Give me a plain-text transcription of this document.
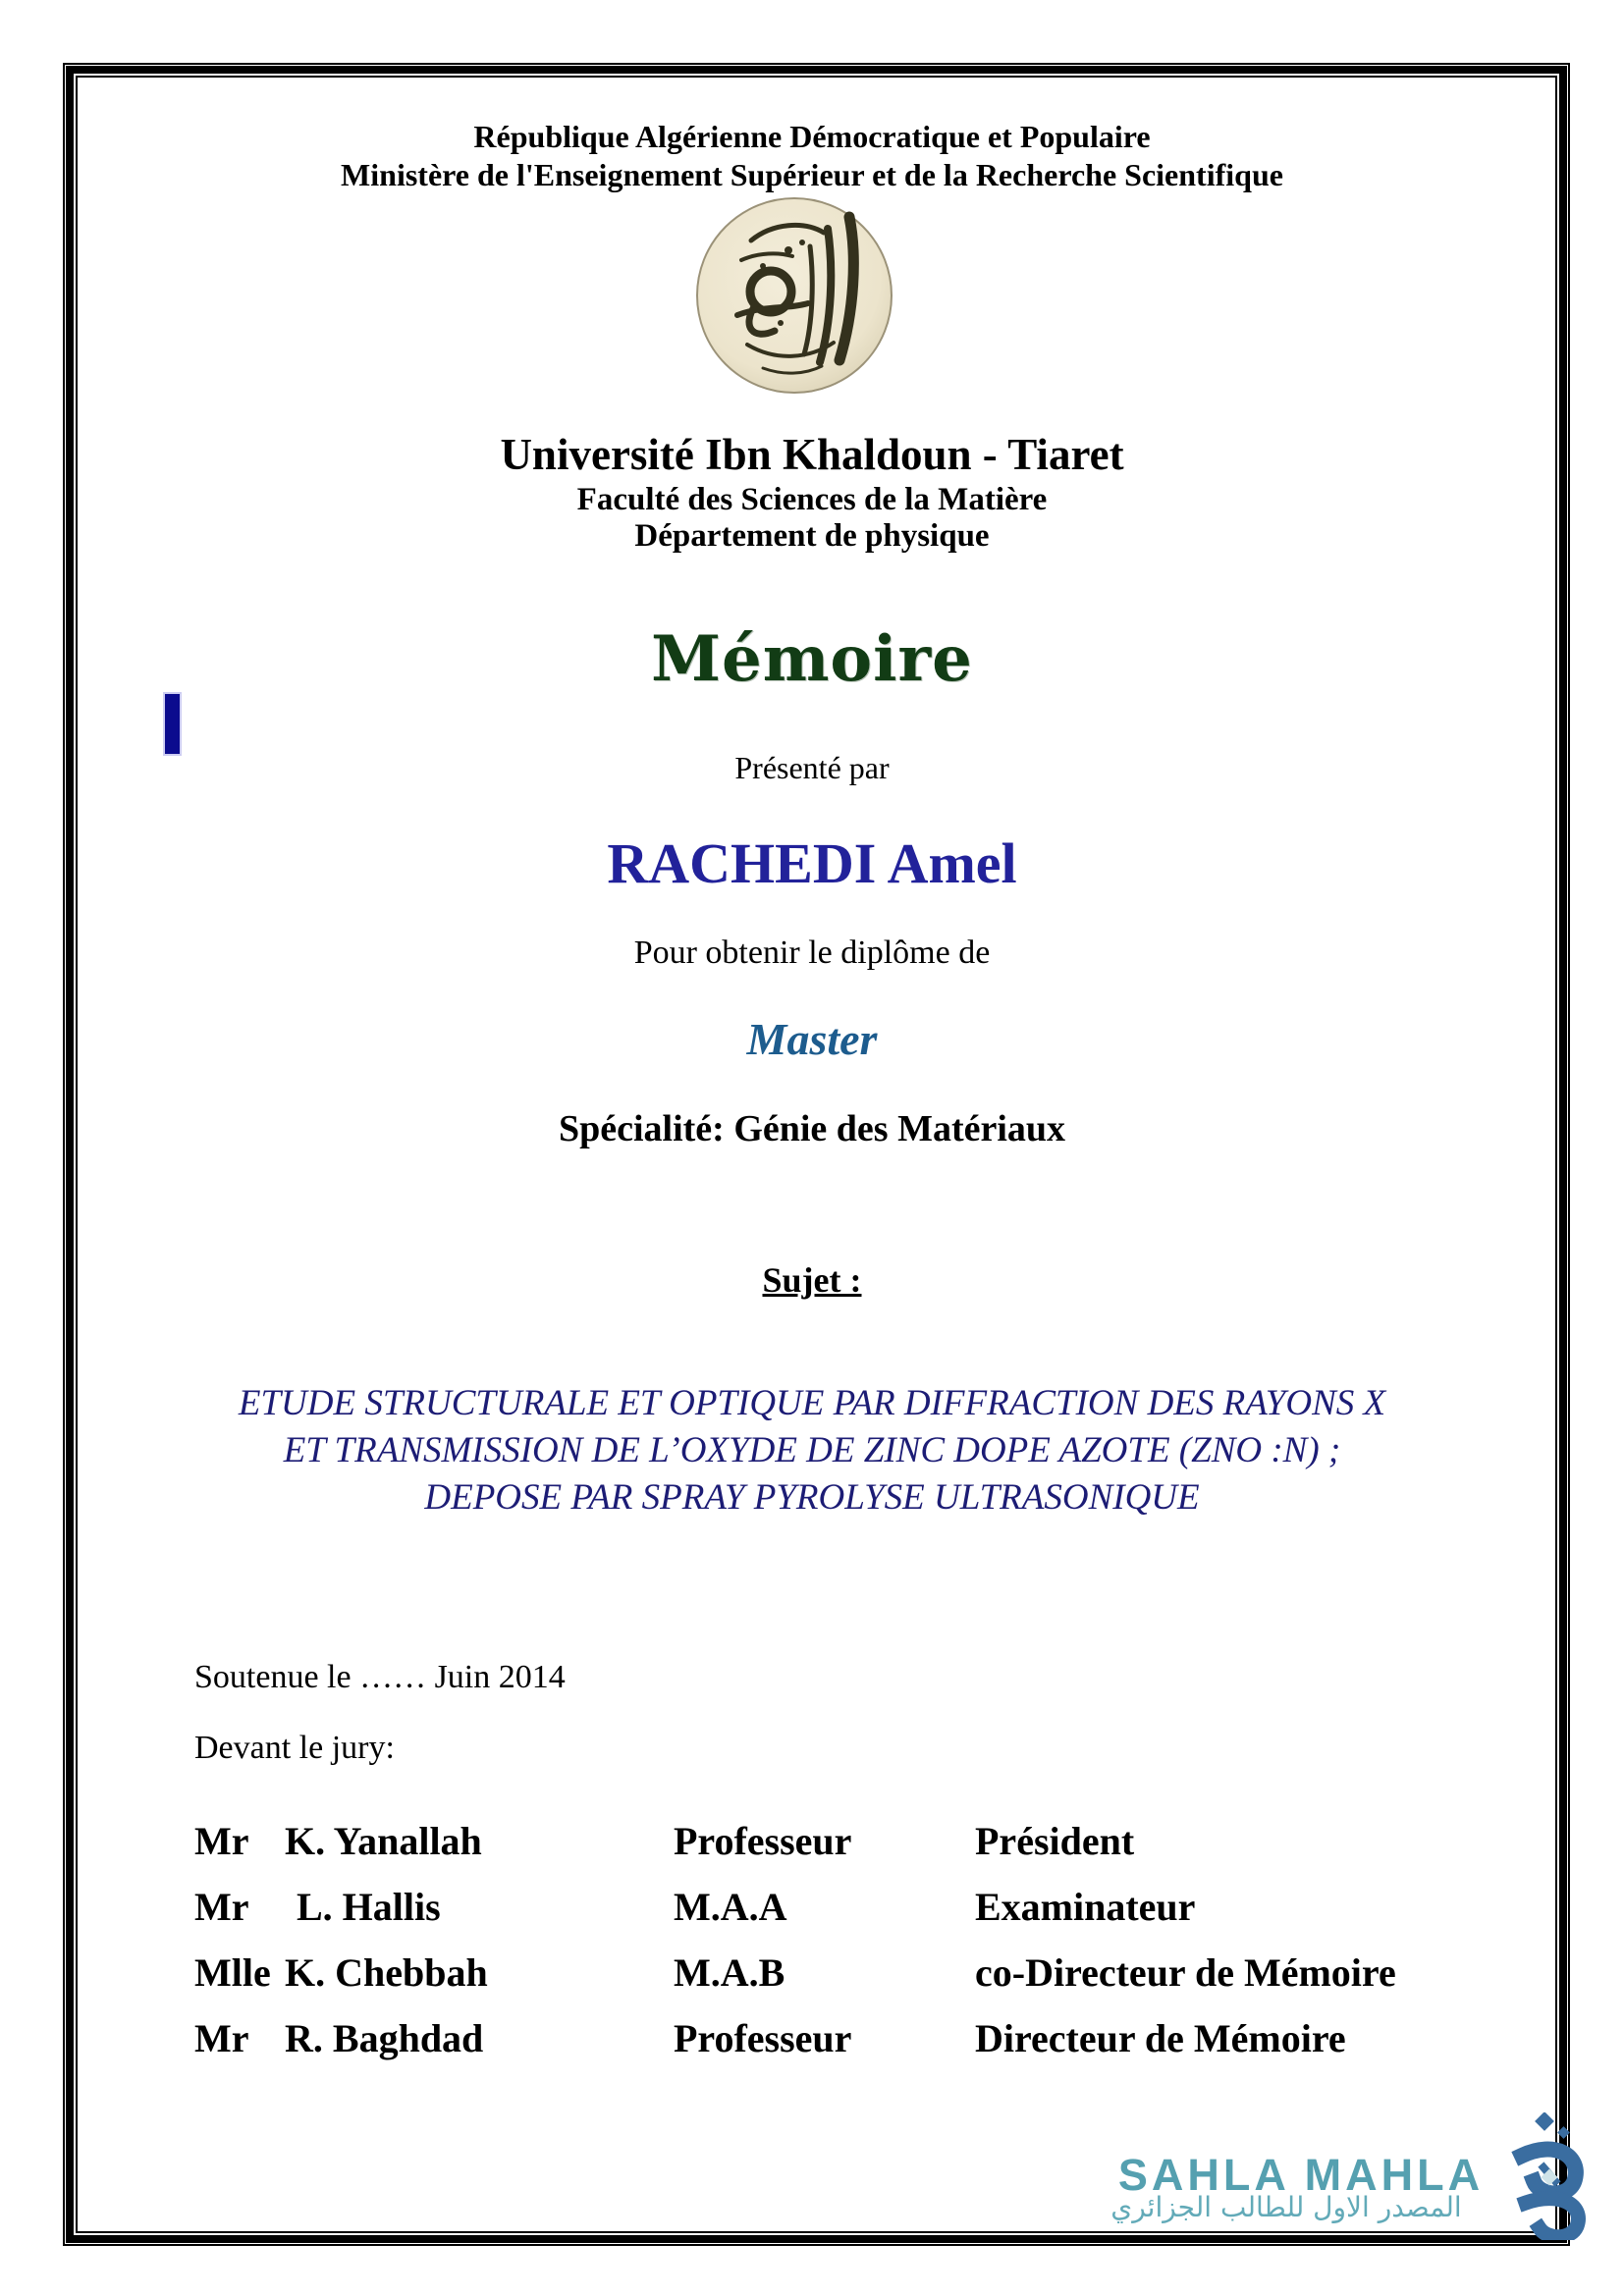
République Algérienne Démocratique et Populaire
Ministère de l'Enseignement Supérieur et de la Recherche Scientifique
Université Ibn Khaldoun - Tiaret
Faculté des Sciences de la Matière
Département de physique
Mémoire
Présenté par
RACHEDI Amel
Pour obtenir le diplôme de
Master
Spécialité: Génie des Matériaux
Sujet :
ETUDE STRUCTURALE ET OPTIQUE PAR DIFFRACTION DES RAYONS X
ET TRANSMISSION DE L’OXYDE DE ZINC DOPE AZOTE (ZNO :N) ;
DEPOSE PAR SPRAY PYROLYSE ULTRASONIQUE
Soutenue le …… Juin 2014
Devant le jury:
Mr K. Yanallah	Professeur	Président
Mr L. Hallis	M.A.A	Examinateur
Mlle K. Chebbah	M.A.B	co-Directeur de Mémoire
Mr R. Baghdad	Professeur	Directeur de Mémoire
SAHLA MAHLA
المصدر الاول للطالب الجزائري
